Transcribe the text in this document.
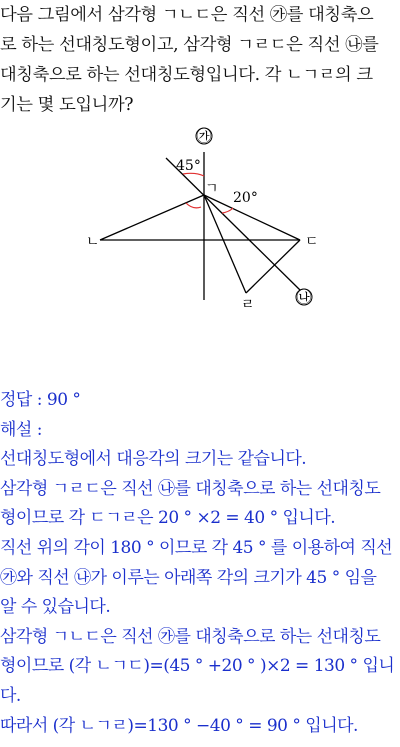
다음 그림에서 삼각형 ㄱㄴㄷ은 직선 ㉮를 대칭축으
로 하는 선대칭도형이고, 삼각형 ㄱㄹㄷ은 직선 ㉯를
대칭축으로 하는 선대칭도형입니다. 각 ㄴㄱㄹ의 크
기는 몇 도입니까?
㉮
㉯
ㄱ
ㄴ	ㄷ
ㄹ
45°
20°
정답 : 90 °
해설 :
선대칭도형에서 대응각의 크기는 같습니다.
삼각형 ㄱㄹㄷ은 직선 ㉯를 대칭축으로 하는 선대칭도
형이므로 각 ㄷㄱㄹ은 20 ° ×2 = 40 ° 입니다.
직선 위의 각이 180 ° 이므로 각 45 ° 를 이용하여 직선
㉮와 직선 ㉯가 이루는 아래쪽 각의 크기가 45 ° 임을
알 수 있습니다.
삼각형 ㄱㄴㄷ은 직선 ㉮를 대칭축으로 하는 선대칭도
형이므로 (각 ㄴㄱㄷ)=(45 ° +20 ° )×2 = 130 ° 입니
다.
따라서 (각 ㄴㄱㄹ)=130 ° −40 ° = 90 ° 입니다.
